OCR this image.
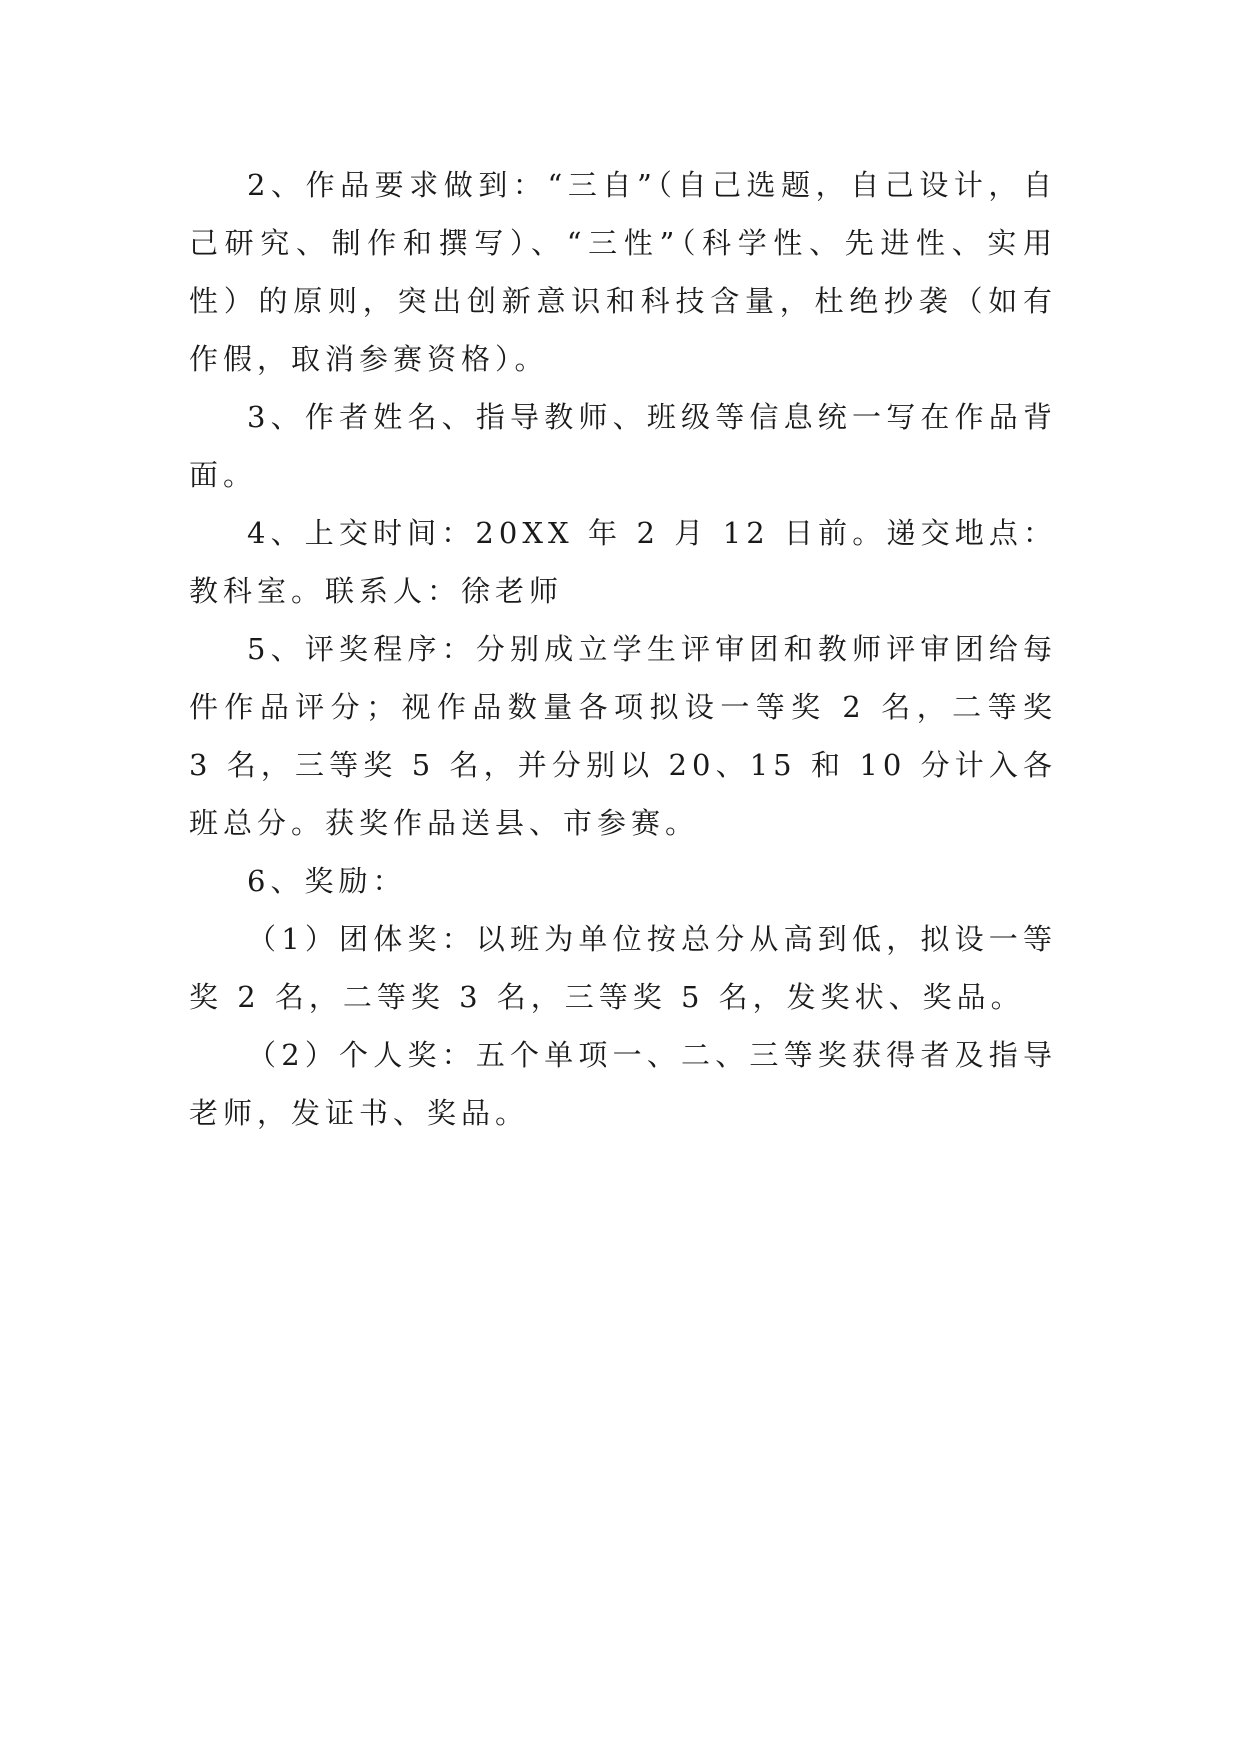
2、作品要求做到：“三自”（自己选题，自己设计，自己研究、制作和撰写）、“三性”（科学性、先进性、实用性）的原则，突出创新意识和科技含量，杜绝抄袭（如有作假，取消参赛资格）。

3、作者姓名、指导教师、班级等信息统一写在作品背面。

4、上交时间：20XX 年 2 月 12 日前。递交地点：教科室。联系人：徐老师

5、评奖程序：分别成立学生评审团和教师评审团给每件作品评分；视作品数量各项拟设一等奖 2 名，二等奖 3 名，三等奖 5 名，并分别以 20、15 和 10 分计入各班总分。获奖作品送县、市参赛。

6、奖励：

（1）团体奖：以班为单位按总分从高到低，拟设一等奖 2 名，二等奖 3 名，三等奖 5 名，发奖状、奖品。

（2）个人奖：五个单项一、二、三等奖获得者及指导老师，发证书、奖品。
